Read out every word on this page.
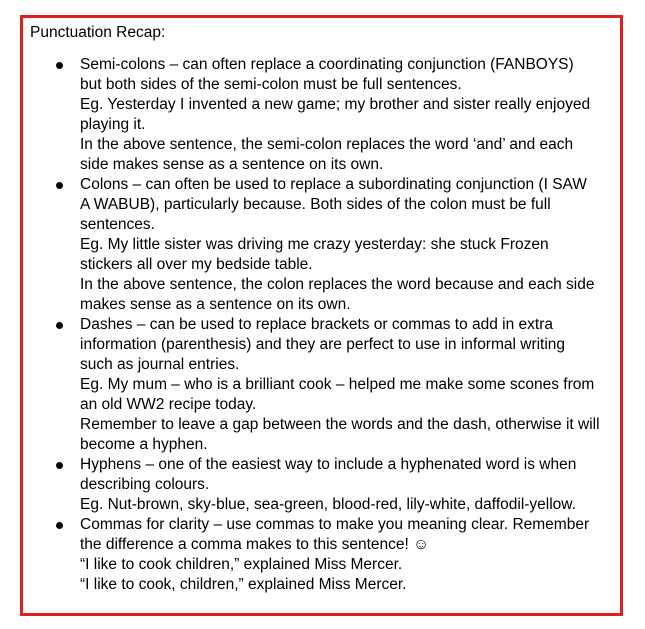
Punctuation Recap:
Semi-colons – can often replace a coordinating conjunction (FANBOYS)
but both sides of the semi-colon must be full sentences.
Eg. Yesterday I invented a new game; my brother and sister really enjoyed
playing it.
In the above sentence, the semi-colon replaces the word ‘and’ and each
side makes sense as a sentence on its own.
Colons – can often be used to replace a subordinating conjunction (I SAW
A WABUB), particularly because. Both sides of the colon must be full
sentences.
Eg. My little sister was driving me crazy yesterday: she stuck Frozen
stickers all over my bedside table.
In the above sentence, the colon replaces the word because and each side
makes sense as a sentence on its own.
Dashes – can be used to replace brackets or commas to add in extra
information (parenthesis) and they are perfect to use in informal writing
such as journal entries.
Eg. My mum – who is a brilliant cook – helped me make some scones from
an old WW2 recipe today.
Remember to leave a gap between the words and the dash, otherwise it will
become a hyphen.
Hyphens – one of the easiest way to include a hyphenated word is when
describing colours.
Eg. Nut-brown, sky-blue, sea-green, blood-red, lily-white, daffodil-yellow.
Commas for clarity – use commas to make you meaning clear. Remember
the difference a comma makes to this sentence! ☺
“I like to cook children,” explained Miss Mercer.
“I like to cook, children,” explained Miss Mercer.
